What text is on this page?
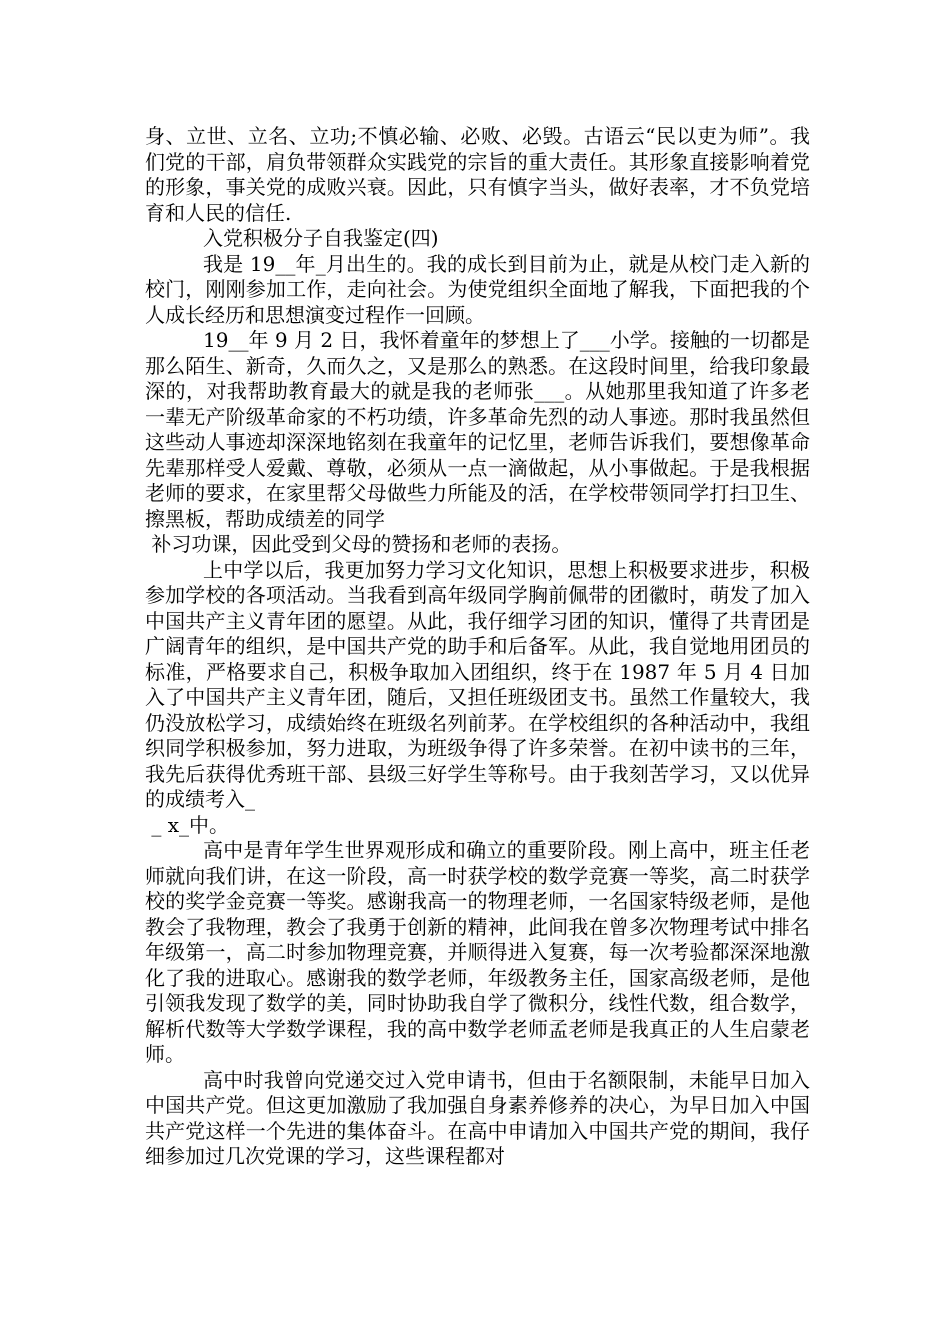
身、立世、立名、立功;不慎必输、必败、必毁。古语云“民以吏为师”。我们党的干部，肩负带领群众实践党的宗旨的重大责任。其形象直接影响着党的形象，事关党的成败兴衰。因此，只有慎字当头，做好表率，才不负党培育和人民的信任.

入党积极分子自我鉴定(四)

我是 19__年_月出生的。我的成长到目前为止，就是从校门走入新的校门，刚刚参加工作，走向社会。为使党组织全面地了解我，下面把我的个人成长经历和思想演变过程作一回顾。

19__年 9 月 2 日，我怀着童年的梦想上了___小学。接触的一切都是那么陌生、新奇，久而久之，又是那么的熟悉。在这段时间里，给我印象最深的，对我帮助教育最大的就是我的老师张___。从她那里我知道了许多老一辈无产阶级革命家的不朽功绩，许多革命先烈的动人事迹。那时我虽然但这些动人事迹却深深地铭刻在我童年的记忆里，老师告诉我们，要想像革命先辈那样受人爱戴、尊敬，必须从一点一滴做起，从小事做起。于是我根据老师的要求，在家里帮父母做些力所能及的活，在学校带领同学打扫卫生、擦黑板，帮助成绩差的同学

补习功课，因此受到父母的赞扬和老师的表扬。

上中学以后，我更加努力学习文化知识，思想上积极要求进步，积极参加学校的各项活动。当我看到高年级同学胸前佩带的团徽时，萌发了加入中国共产主义青年团的愿望。从此，我仔细学习团的知识，懂得了共青团是广阔青年的组织，是中国共产党的助手和后备军。从此，我自觉地用团员的标准，严格要求自己，积极争取加入团组织，终于在 1987 年 5 月 4 日加入了中国共产主义青年团，随后，又担任班级团支书。虽然工作量较大，我仍没放松学习，成绩始终在班级名列前茅。在学校组织的各种活动中，我组织同学积极参加，努力进取，为班级争得了许多荣誉。在初中读书的三年，我先后获得优秀班干部、县级三好学生等称号。由于我刻苦学习，又以优异的成绩考入_

_ x_中。

高中是青年学生世界观形成和确立的重要阶段。刚上高中，班主任老师就向我们讲，在这一阶段，高一时获学校的数学竞赛一等奖，高二时获学校的奖学金竞赛一等奖。感谢我高一的物理老师，一名国家特级老师，是他教会了我物理，教会了我勇于创新的精神，此间我在曾多次物理考试中排名年级第一，高二时参加物理竞赛，并顺得进入复赛，每一次考验都深深地激化了我的进取心。感谢我的数学老师，年级教务主任，国家高级老师，是他引领我发现了数学的美，同时协助我自学了微积分，线性代数，组合数学，解析代数等大学数学课程，我的高中数学老师孟老师是我真正的人生启蒙老师。

高中时我曾向党递交过入党申请书，但由于名额限制，未能早日加入中国共产党。但这更加激励了我加强自身素养修养的决心，为早日加入中国共产党这样一个先进的集体奋斗。在高中申请加入中国共产党的期间，我仔细参加过几次党课的学习，这些课程都对
